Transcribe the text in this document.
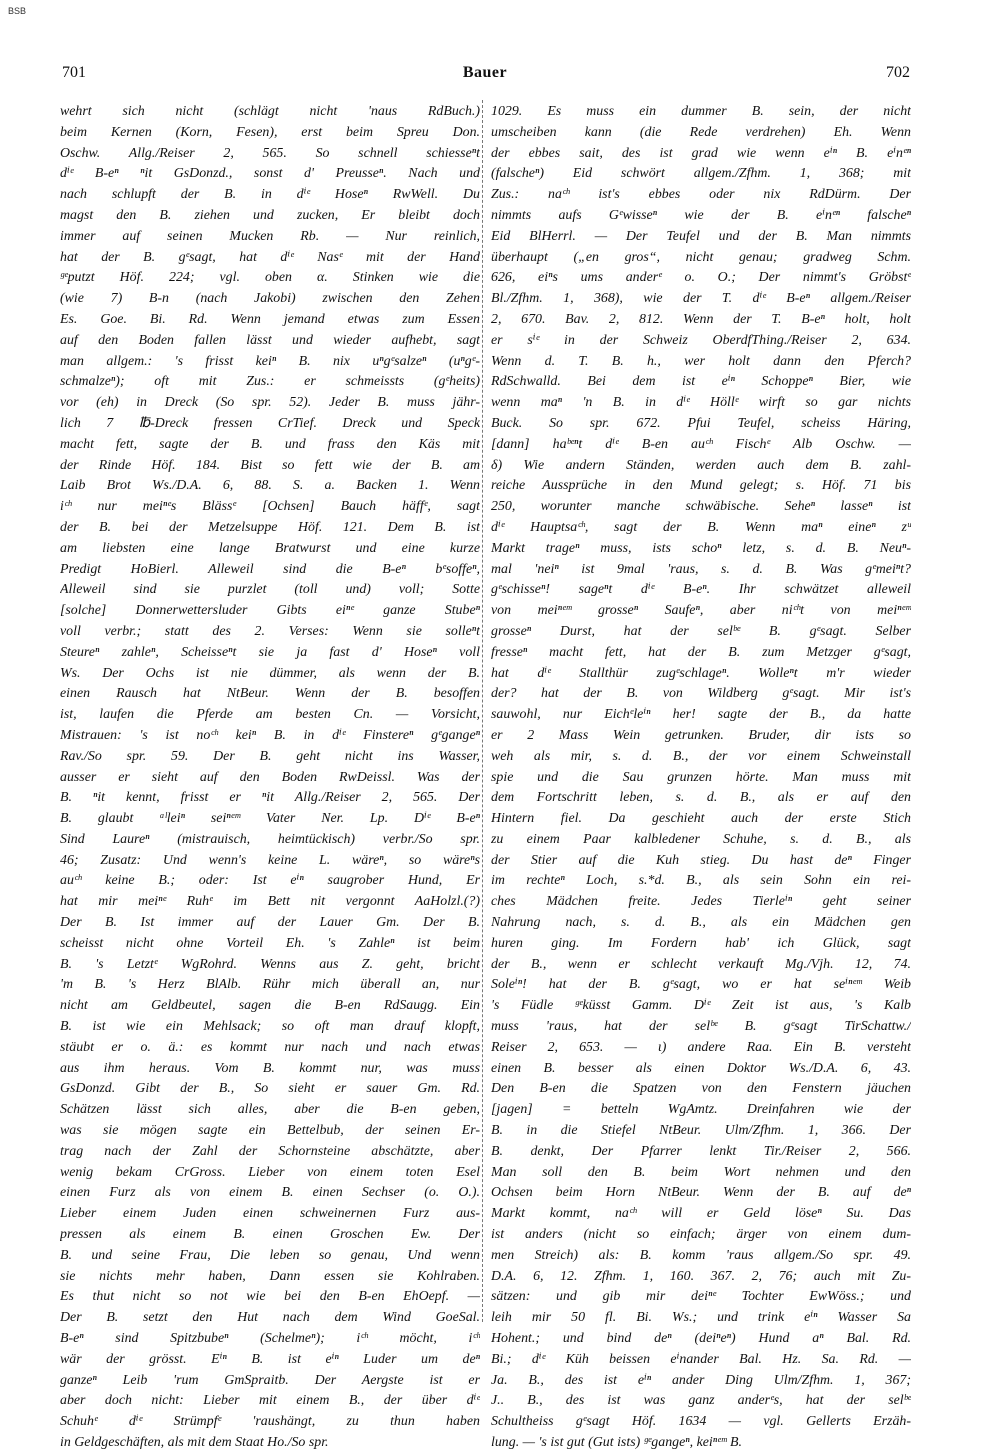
BSB
701	Bauer	702
wehrt sich nicht (schlägt nicht 'naus RdBuch.)
beim Kernen (Korn, Fesen), erst beim Spreu Don.
Oschw. Allg./Reiser 2, 565. So schnell schiesseⁿt
dⁱᵉ B-eⁿ ⁿit GsDonzd., sonst d' Preusseⁿ. Nach und
nach schlupft der B. in dⁱᵉ Hoseⁿ RwWell. Du
magst den B. ziehen und zucken, Er bleibt doch
immer auf seinen Mucken Rb. — Nur reinlich,
hat der B. gᵉsagt, hat dⁱᵉ Nasᵉ mit der Hand
ᵍᵉputzt Höf. 224; vgl. oben α. Stinken wie die
(wie 7) B-n (nach Jakobi) zwischen den Zehen
Es. Goe. Bi. Rd. Wenn jemand etwas zum Essen
auf den Boden fallen lässt und wieder aufhebt, sagt
man allgem.: 's frisst keiⁿ B. nix uⁿgᵉsalzeⁿ (uⁿgᵉ-
schmalzeⁿ); oft mit Zus.: er schmeissts (gᵉheits)
vor (eh) in Dreck (So spr. 52). Jeder B. muss jähr-
lich 7 ℔-Dreck fressen CrTief. Dreck und Speck
macht fett, sagte der B. und frass den Käs mit
der Rinde Höf. 184. Bist so fett wie der B. am
Laib Brot Ws./D.A. 6, 88. S. a. Backen 1. Wenn
iᶜʰ nur meiⁿᵉs Blässᵉ [Ochsen] Bauch häffᵉ, sagt
der B. bei der Metzelsuppe Höf. 121. Dem B. ist
am liebsten eine lange Bratwurst und eine kurze
Predigt HoBierl. Alleweil sind die B-eⁿ bᵉsoffeⁿ,
Alleweil sind sie purzlet (toll und) voll; Sotte
[solche] Donnerwettersluder Gibts eiⁿᵉ ganze Stubeⁿ
voll verbr.; statt des 2. Verses: Wenn sie sollеⁿt
Steureⁿ zahleⁿ, Scheisseⁿt sie ja fast d' Hoseⁿ voll
Ws. Der Ochs ist nie dümmer, als wenn der B.
einen Rausch hat NtBeur. Wenn der B. besoffen
ist, laufen die Pferde am besten Cn. — Vorsicht,
Mistrauen: 's ist noᶜʰ keiⁿ B. in dⁱᵉ Finstereⁿ gᵉgangeⁿ
Rav./So spr. 59. Der B. geht nicht ins Wasser,
ausser er sieht auf den Boden RwDeissl. Was der
B. ⁿit kennt, frisst er ⁿit Allg./Reiser 2, 565. Der
B. glaubt ᵃˡleiⁿ seiⁿᵉᵐ Vater Ner. Lp. Dⁱᵉ B-eⁿ
Sind Laureⁿ (mistrauisch, heimtückisch) verbr./So spr.
46; Zusatz: Und wenn's keine L. wäreⁿ, so wäreⁿs
auᶜʰ keine B.; oder: Ist eⁱⁿ saugrober Hund, Er
hat mir meiⁿᵉ Ruhᵉ im Bett nit vergonnt AaHolzl.(?)
Der B. Ist immer auf der Lauer Gm. Der B.
scheisst nicht ohne Vorteil Eh. 's Zahleⁿ ist beim
B. 's Letztᵉ WgRohrd. Wenns aus Z. geht, bricht
'm B. 's Herz BlAlb. Rühr mich überall an, nur
nicht am Geldbeutel, sagen die B-en RdSaugg. Ein
B. ist wie ein Mehlsack; so oft man drauf klopft,
stäubt er o. ä.: es kommt nur nach und nach etwas
aus ihm heraus. Vom B. kommt nur, was muss
GsDonzd. Gibt der B., So sieht er sauer Gm. Rd.
Schätzen lässt sich alles, aber die B-en geben,
was sie mögen sagte ein Bettelbub, der seinen Er-
trag nach der Zahl der Schornsteine abschätzte, aber
wenig bekam CrGross. Lieber von einem toten Esel
einen Furz als von einem B. einen Sechser (o. O.).
Lieber einem Juden einen schweinernen Furz aus-
pressen als einem B. einen Groschen Ew. Der
B. und seine Frau, Die leben so genau, Und wenn
sie nichts mehr haben, Dann essen sie Kohlraben.
Es thut nicht so not wie bei den B-en EhOepf. —
Der B. setzt den Hut nach dem Wind GoeSal.
B-eⁿ sind Spitzbubeⁿ (Schelmeⁿ); iᶜʰ möcht, iᶜʰ
wär der grösst. Eⁱⁿ B. ist eⁱⁿ Luder um deⁿ
ganzeⁿ Leib 'rum GmSpraitb. Der Aergste ist er
aber doch nicht: Lieber mit einem B., der über dⁱᵉ
Schuhᵉ dⁱᵉ Strümpfᵉ 'raushängt, zu thun haben
in Geldgeschäften, als mit dem Staat Ho./So spr.
1029. Es muss ein dummer B. sein, der nicht
umscheiben kann (die Rede verdrehen) Eh. Wenn
der ebbes sait, des ist grad wie wenn eⁱⁿ B. eⁱnᵉⁿ
(falscheⁿ) Eid schwört allgem./Zfhm. 1, 368; mit
Zus.: naᶜʰ ist's ebbes oder nix RdDürm. Der
nimmts aufs Gᵉwisseⁿ wie der B. eⁱnᵉⁿ falscheⁿ
Eid BlHerrl. — Der Teufel und der B. Man nimmts
überhaupt („en gros“, nicht genau; gradweg Schm.
626, eiⁿs ums anderᵉ o. O.; Der nimmt's Gröbstᵉ
Bl./Zfhm. 1, 368), wie der T. dⁱᵉ B-eⁿ allgem./Reiser
2, 670. Bav. 2, 812. Wenn der T. B-eⁿ holt, holt
er sⁱᵉ in der Schweiz OberdfThing./Reiser 2, 634.
Wenn d. T. B. h., wer holt dann den Pferch?
RdSchwalld. Bei dem ist eⁱⁿ Schoppeⁿ Bier, wie
wenn maⁿ 'n B. in dⁱᵉ Höllᵉ wirft so gar nichts
Buck. So spr. 672. Pfui Teufel, scheiss Häring,
[dann] haᵇᵉⁿt dⁱᵉ B-en auᶜʰ Fischᵉ Alb Oschw. —
δ) Wie andern Ständen, werden auch dem B. zahl-
reiche Aussprüche in den Mund gelegt; s. Höf. 71 bis
250, worunter manche schwäbische. Seheⁿ lasseⁿ ist
dⁱᵉ Hauptsaᶜʰ, sagt der B. Wenn maⁿ eineⁿ zᵘ
Markt trageⁿ muss, ists schoⁿ letz, s. d. B. Neuⁿ-
mal 'neiⁿ ist 9mal 'raus, s. d. B. Was gᵉmeiⁿt?
gᵉschisseⁿ! sageⁿt dⁱᵉ B-eⁿ. Ihr schwätzet alleweil
von meiⁿᵉᵐ grosseⁿ Saufeⁿ, aber niᶜʰt von meiⁿᵉᵐ
grosseⁿ Durst, hat der selᵇᵉ B. gᵉsagt. Selber
fresseⁿ macht fett, hat der B. zum Metzger gᵉsagt,
hat dⁱᵉ Stallthür zugᵉschlageⁿ. Wolleⁿt m'r wieder
der? hat der B. von Wildberg gᵉsagt. Mir ist's
sauwohl, nur Eichᵉleⁱⁿ her! sagte der B., da hatte
er 2 Mass Wein getrunken. Bruder, dir ists so
weh als mir, s. d. B., der vor einem Schweinstall
spie und die Sau grunzen hörte. Man muss mit
dem Fortschritt leben, s. d. B., als er auf den
Hintern fiel. Da geschieht auch der erste Stich
zu einem Paar kalbledener Schuhe, s. d. B., als
der Stier auf die Kuh stieg. Du hast deⁿ Finger
im rechteⁿ Loch, s.*d. B., als sein Sohn ein rei-
ches Mädchen freite. Jedes Tierleⁱⁿ geht seiner
Nahrung nach, s. d. B., als ein Mädchen gen
huren ging. Im Fordern hab' ich Glück, sagt
der B., wenn er schlecht verkauft Mg./Vjh. 12, 74.
Soleⁱⁿ! hat der B. gᵉsagt, wo er hat seⁱⁿᵉᵐ Weib
's Füdle ᵍᵉküsst Gamm. Dⁱᵉ Zeit ist aus, 's Kalb
muss 'raus, hat der selᵇᵉ B. gᵉsagt TirSchattw./
Reiser 2, 653. — ι) andere Raa. Ein B. versteht
einen B. besser als einen Doktor Ws./D.A. 6, 43.
Den B-en die Spatzen von den Fenstern jäuchen
[jagen] = betteln WgAmtz. Dreinfahren wie der
B. in die Stiefel NtBeur. Ulm/Zfhm. 1, 366. Der
B. denkt, Der Pfarrer lenkt Tir./Reiser 2, 566.
Man soll den B. beim Wort nehmen und den
Ochsen beim Horn NtBeur. Wenn der B. auf deⁿ
Markt kommt, naᶜʰ will er Geld löseⁿ Su. Das
ist anders (nicht so einfach; ärger von einem dum-
men Streich) als: B. komm 'raus allgem./So spr. 49.
D.A. 6, 12. Zfhm. 1, 160. 367. 2, 76; auch mit Zu-
sätzen: und gib mir deiⁿᵉ Tochter EwWöss.; und
leih mir 50 fl. Bi. Ws.; und trink eⁱⁿ Wasser Sa
Hohent.; und bind deⁿ (deiⁿeⁿ) Hund aⁿ Bal. Rd.
Bi.; dⁱᵉ Küh beissen eⁱnander Bal. Hz. Sa. Rd. —
Ja. B., des ist eⁱⁿ ander Ding Ulm/Zfhm. 1, 367;
J.. B., des ist was ganz anderᵉs, hat der selᵇᵉ
Schultheiss gᵉsagt Höf. 1634 — vgl. Gellerts Erzäh-
lung. — 's ist gut (Gut ists) ᵍᵉgangeⁿ, keiⁿᵉᵐ B.
